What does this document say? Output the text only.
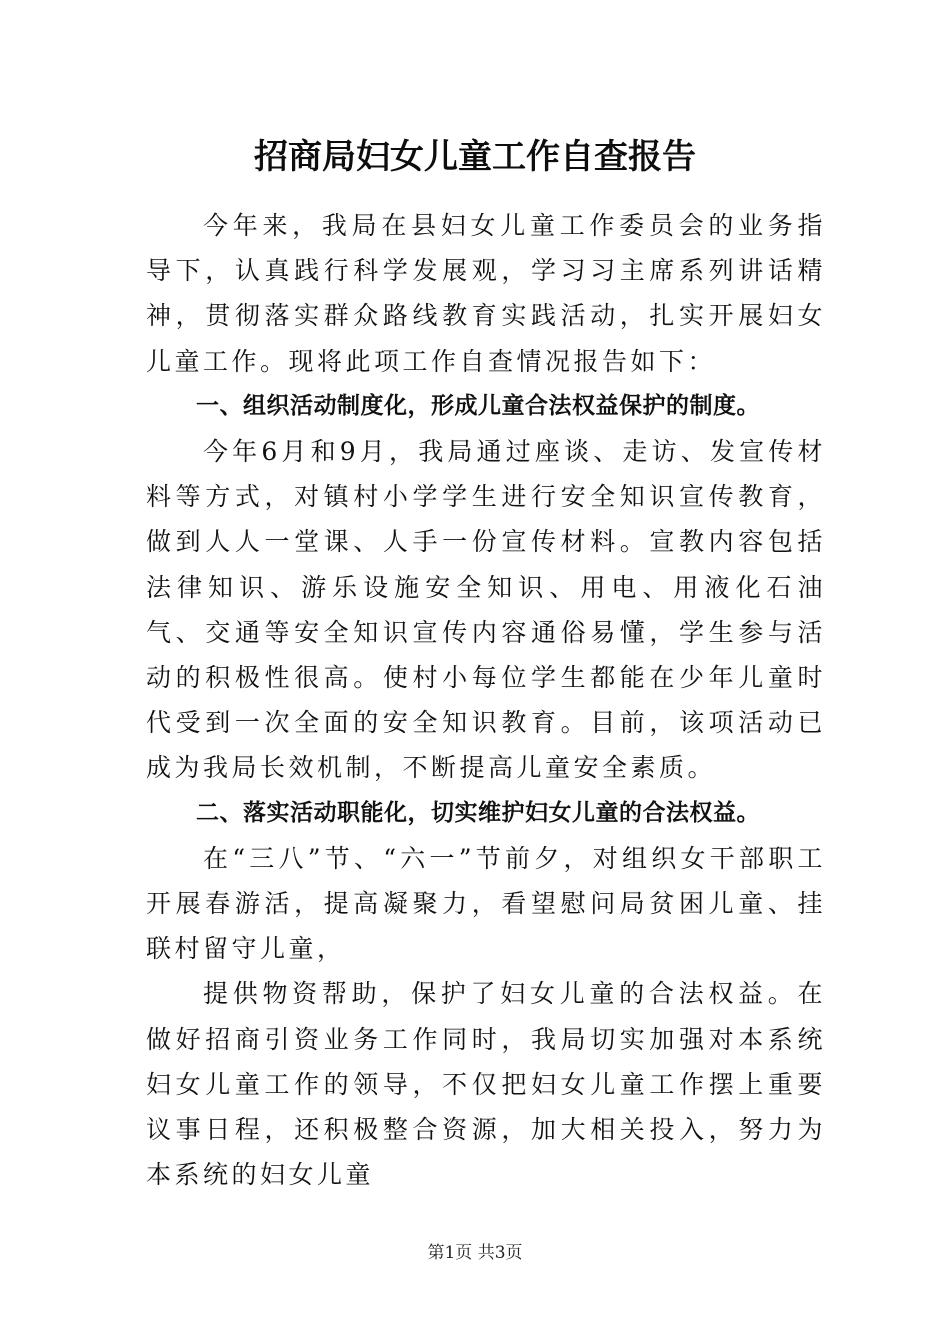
招商局妇女儿童工作自查报告

今年来，我局在县妇女儿童工作委员会的业务指导下，认真践行科学发展观，学习习主席系列讲话精神，贯彻落实群众路线教育实践活动，扎实开展妇女儿童工作。现将此项工作自查情况报告如下：

一、组织活动制度化，形成儿童合法权益保护的制度。

今年6月和9月，我局通过座谈、走访、发宣传材料等方式，对镇村小学学生进行安全知识宣传教育，做到人人一堂课、人手一份宣传材料。宣教内容包括法律知识、游乐设施安全知识、用电、用液化石油气、交通等安全知识宣传内容通俗易懂，学生参与活动的积极性很高。使村小每位学生都能在少年儿童时代受到一次全面的安全知识教育。目前，该项活动已成为我局长效机制，不断提高儿童安全素质。

二、落实活动职能化，切实维护妇女儿童的合法权益。

在“三八”节、“六一”节前夕，对组织女干部职工开展春游活，提高凝聚力，看望慰问局贫困儿童、挂联村留守儿童，

提供物资帮助，保护了妇女儿童的合法权益。在做好招商引资业务工作同时，我局切实加强对本系统妇女儿童工作的领导，不仅把妇女儿童工作摆上重要议事日程，还积极整合资源，加大相关投入，努力为本系统的妇女儿童

第1页 共3页
